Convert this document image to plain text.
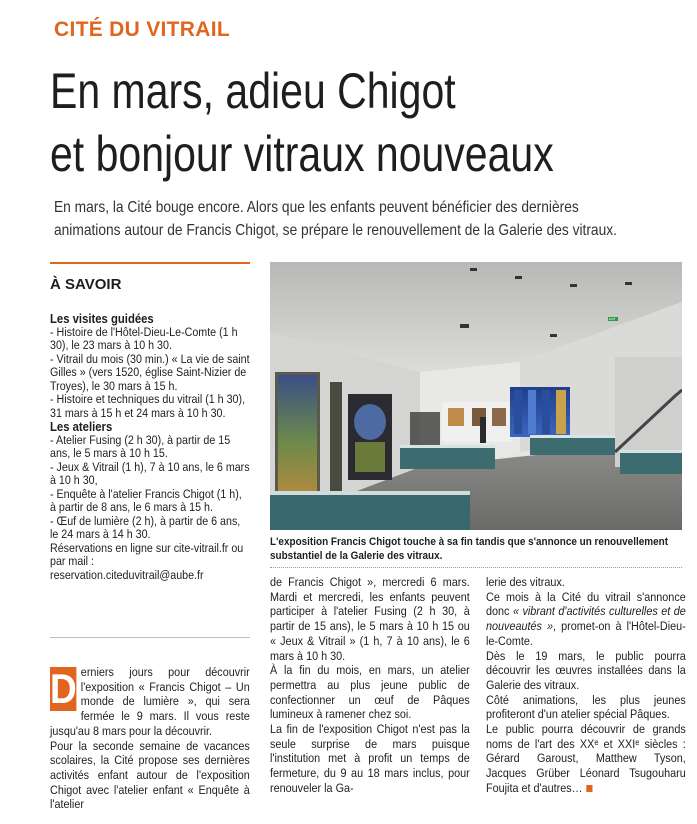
CITÉ DU VITRAIL
En mars, adieu Chigot
et bonjour vitraux nouveaux
En mars, la Cité bouge encore. Alors que les enfants peuvent bénéficier des dernières
animations autour de Francis Chigot, se prépare le renouvellement de la Galerie des vitraux.
À SAVOIR

Les visites guidées

- Histoire de l'Hôtel-Dieu-Le-Comte (1 h 30), le 23 mars à 10 h 30.

- Vitrail du mois (30 min.) « La vie de saint Gilles » (vers 1520, église Saint-Nizier de Troyes), le 30 mars à 15 h.

- Histoire et techniques du vitrail (1 h 30), 31 mars à 15 h et 24 mars à 10 h 30.

Les ateliers

- Atelier Fusing (2 h 30), à partir de 15 ans, le 5 mars à 10 h 15.

- Jeux & Vitrail (1 h), 7 à 10 ans, le 6 mars à 10 h 30,

- Enquête à l'atelier Francis Chigot (1 h), à partir de 8 ans, le 6 mars à 15 h.

- Œuf de lumière (2 h), à partir de 6 ans, le 24 mars à 14 h 30.

Réservations en ligne sur cite-vitrail.fr ou par mail :

reservation.citeduvitrail@aube.fr

EXIT
L'exposition Francis Chigot touche à sa fin tandis que s'annonce un renouvellement substantiel de la Galerie des vitraux.
D erniers jours pour découvrir l'exposition « Francis Chigot – Un monde de lumière », qui sera fermée le 9 mars. Il vous reste jusqu'au 8 mars pour la découvrir.

Pour la seconde semaine de vacances scolaires, la Cité propose ses dernières activités enfant autour de l'exposition Chigot avec l'atelier enfant « Enquête à l'atelier

de Francis Chigot », mercredi 6 mars. Mardi et mercredi, les enfants peuvent participer à l'atelier Fusing (2 h 30, à partir de 15 ans), le 5 mars à 10 h 15 ou « Jeux & Vitrail » (1 h, 7 à 10 ans), le 6 mars à 10 h 30.

À la fin du mois, en mars, un atelier permettra au plus jeune public de confectionner un œuf de Pâques lumineux à ramener chez soi.

La fin de l'exposition Chigot n'est pas la seule surprise de mars puisque l'institution met à profit un temps de fermeture, du 9 au 18 mars inclus, pour renouveler la Ga-

lerie des vitraux.

Ce mois à la Cité du vitrail s'annonce donc « vibrant d'activités culturelles et de nouveautés », promet-on à l'Hôtel-Dieu-le-Comte.

Dès le 19 mars, le public pourra découvrir les œuvres installées dans la Galerie des vitraux.

Côté animations, les plus jeunes profiteront d'un atelier spécial Pâques.

Le public pourra découvrir de grands noms de l'art des XXᵉ et XXIᵉ siècles : Gérard Garoust, Matthew Tyson, Jacques Grüber Léonard Tsugouharu Foujita et d'autres…
